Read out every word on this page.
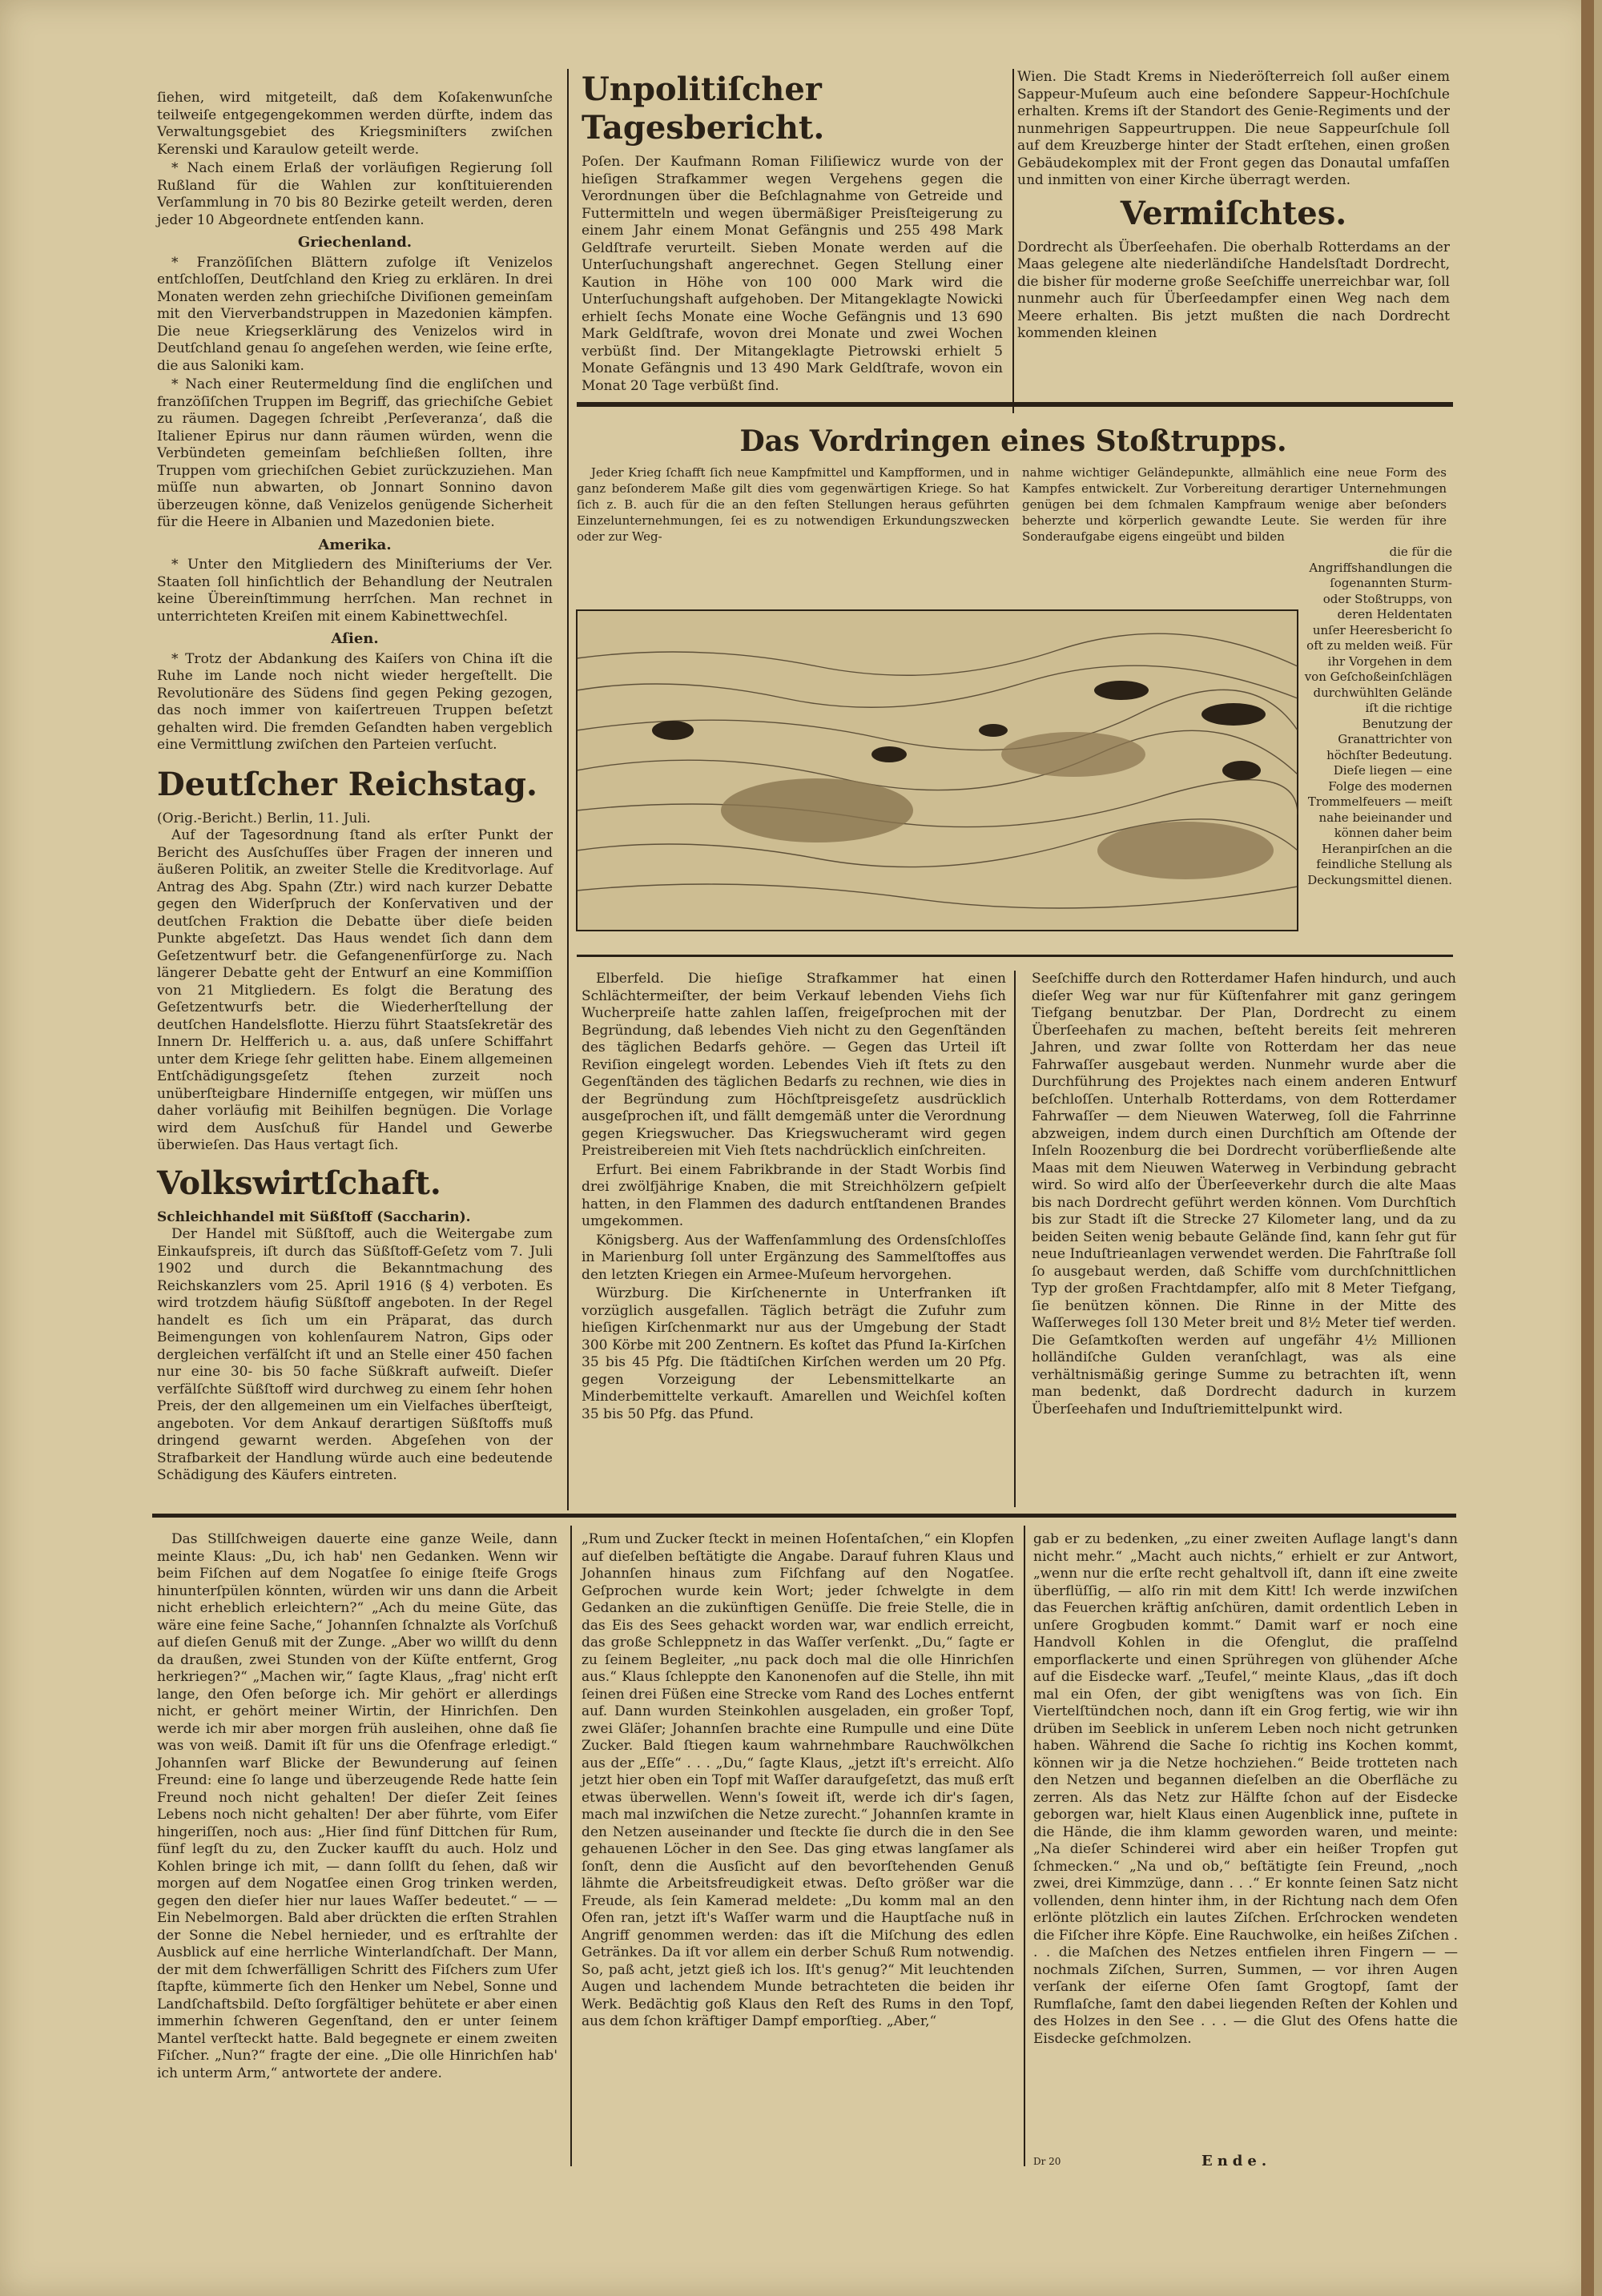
ſiehen, wird mitgeteilt, daß dem Koſakenwunſche teilweiſe entgegengekommen werden dürfte, indem das Verwaltungsgebiet des Kriegsminiſters zwiſchen Kerenski und Karaulow geteilt werde.

* Nach einem Erlaß der vorläufigen Regierung ſoll Rußland für die Wahlen zur konſtituierenden Verſammlung in 70 bis 80 Bezirke geteilt werden, deren jeder 10 Abgeordnete entſenden kann.

Griechenland.

* Franzöſiſchen Blättern zufolge iſt Venizelos entſchloſſen, Deutſchland den Krieg zu erklären. In drei Monaten werden zehn griechiſche Diviſionen gemeinſam mit den Vierverbandstruppen in Mazedonien kämpfen. Die neue Kriegserklärung des Venizelos wird in Deutſchland genau ſo angeſehen werden, wie ſeine erſte, die aus Saloniki kam.

* Nach einer Reutermeldung ſind die engliſchen und franzöſiſchen Truppen im Begriff, das griechiſche Gebiet zu räumen. Dagegen ſchreibt ‚Perſeveranza‘, daß die Italiener Epirus nur dann räumen würden, wenn die Verbündeten gemeinſam beſchließen ſollten, ihre Truppen vom griechiſchen Gebiet zurückzuziehen. Man müſſe nun abwarten, ob Jonnart Sonnino davon überzeugen könne, daß Venizelos genügende Sicherheit für die Heere in Albanien und Mazedonien biete.

Amerika.

* Unter den Mitgliedern des Miniſteriums der Ver. Staaten ſoll hinſichtlich der Behandlung der Neutralen keine Übereinſtimmung herrſchen. Man rechnet in unterrichteten Kreiſen mit einem Kabinettwechſel.

Aſien.

* Trotz der Abdankung des Kaiſers von China iſt die Ruhe im Lande noch nicht wieder hergeſtellt. Die Revolutionäre des Südens ſind gegen Peking gezogen, das noch immer von kaiſertreuen Truppen beſetzt gehalten wird. Die fremden Geſandten haben vergeblich eine Vermittlung zwiſchen den Parteien verſucht.

Deutſcher Reichstag.
(Orig.-Bericht.) Berlin, 11. Juli.

Auf der Tagesordnung ſtand als erſter Punkt der Bericht des Ausſchuſſes über Fragen der inneren und äußeren Politik, an zweiter Stelle die Kreditvorlage. Auf Antrag des Abg. Spahn (Ztr.) wird nach kurzer Debatte gegen den Widerſpruch der Konſervativen und der deutſchen Fraktion die Debatte über dieſe beiden Punkte abgeſetzt. Das Haus wendet ſich dann dem Geſetzentwurf betr. die Gefangenenfürſorge zu. Nach längerer Debatte geht der Entwurf an eine Kommiſſion von 21 Mitgliedern. Es folgt die Beratung des Geſetzentwurfs betr. die Wiederherſtellung der deutſchen Handelsflotte. Hierzu führt Staatsſekretär des Innern Dr. Helfferich u. a. aus, daß unſere Schiffahrt unter dem Kriege ſehr gelitten habe. Einem allgemeinen Entſchädigungsgeſetz ſtehen zurzeit noch unüberſteigbare Hinderniſſe entgegen, wir müſſen uns daher vorläufig mit Beihilfen begnügen. Die Vorlage wird dem Ausſchuß für Handel und Gewerbe überwieſen. Das Haus vertagt ſich.

Volkswirtſchaft.
Schleichhandel mit Süßſtoff (Saccharin).

Der Handel mit Süßſtoff, auch die Weitergabe zum Einkaufspreis, iſt durch das Süßſtoff-Geſetz vom 7. Juli 1902 und durch die Bekanntmachung des Reichskanzlers vom 25. April 1916 (§ 4) verboten. Es wird trotzdem häufig Süßſtoff angeboten. In der Regel handelt es ſich um ein Präparat, das durch Beimengungen von kohlenſaurem Natron, Gips oder dergleichen verfälſcht iſt und an Stelle einer 450 fachen nur eine 30- bis 50 fache Süßkraft aufweiſt. Dieſer verfälſchte Süßſtoff wird durchweg zu einem ſehr hohen Preis, der den allgemeinen um ein Vielfaches überſteigt, angeboten. Vor dem Ankauf derartigen Süßſtoffs muß dringend gewarnt werden. Abgeſehen von der Strafbarkeit der Handlung würde auch eine bedeutende Schädigung des Käufers eintreten.

Unpolitiſcher Tagesbericht.

Poſen. Der Kaufmann Roman Filiſiewicz wurde von der hieſigen Strafkammer wegen Vergehens gegen die Verordnungen über die Beſchlagnahme von Getreide und Futtermitteln und wegen übermäßiger Preisſteigerung zu einem Jahr einem Monat Gefängnis und 255 498 Mark Geldſtrafe verurteilt. Sieben Monate werden auf die Unterſuchungshaft angerechnet. Gegen Stellung einer Kaution in Höhe von 100 000 Mark wird die Unterſuchungshaft aufgehoben. Der Mitangeklagte Nowicki erhielt ſechs Monate eine Woche Gefängnis und 13 690 Mark Geldſtrafe, wovon drei Monate und zwei Wochen verbüßt ſind. Der Mitangeklagte Pietrowski erhielt 5 Monate Gefängnis und 13 490 Mark Geldſtrafe, wovon ein Monat 20 Tage verbüßt ſind.

Wien. Die Stadt Krems in Niederöſterreich ſoll außer einem Sappeur-Muſeum auch eine beſondere Sappeur-Hochſchule erhalten. Krems iſt der Standort des Genie-Regiments und der nunmehrigen Sappeurtruppen. Die neue Sappeurſchule ſoll auf dem Kreuzberge hinter der Stadt erſtehen, einen großen Gebäudekomplex mit der Front gegen das Donautal umfaſſen und inmitten von einer Kirche überragt werden.

Vermiſchtes.

Dordrecht als Überſeehafen. Die oberhalb Rotterdams an der Maas gelegene alte niederländiſche Handelsſtadt Dordrecht, die bisher für moderne große Seeſchiffe unerreichbar war, ſoll nunmehr auch für Überſeedampfer einen Weg nach dem Meere erhalten. Bis jetzt mußten die nach Dordrecht kommenden kleinen

Das Vordringen eines Stoßtrupps.

Jeder Krieg ſchafft ſich neue Kampfmittel und Kampfformen, und in ganz beſonderem Maße gilt dies vom gegenwärtigen Kriege. So hat ſich z. B. auch für die an den feſten Stellungen heraus geführten Einzelunternehmungen, ſei es zu notwendigen Erkundungszwecken oder zur Weg-

nahme wichtiger Geländepunkte, allmählich eine neue Form des Kampfes entwickelt. Zur Vorbereitung derartiger Unternehmungen genügen bei dem ſchmalen Kampfraum wenige aber beſonders beherzte und körperlich gewandte Leute. Sie werden für ihre Sonderaufgabe eigens eingeübt und bilden

die für die Angriffshandlungen die ſogenannten Sturm- oder Stoßtrupps, von deren Heldentaten unſer Heeresbericht ſo oft zu melden weiß. Für ihr Vorgehen in dem von Geſchoßeinſchlägen durchwühlten Gelände iſt die richtige Benutzung der Granattrichter von höchſter Bedeutung. Dieſe liegen — eine Folge des modernen Trommelfeuers — meiſt nahe beieinander und können daher beim Heranpirſchen an die feindliche Stellung als Deckungsmittel dienen.

Elberfeld. Die hieſige Strafkammer hat einen Schlächtermeiſter, der beim Verkauf lebenden Viehs ſich Wucherpreiſe hatte zahlen laſſen, freigeſprochen mit der Begründung, daß lebendes Vieh nicht zu den Gegenſtänden des täglichen Bedarfs gehöre. — Gegen das Urteil iſt Reviſion eingelegt worden. Lebendes Vieh iſt ſtets zu den Gegenſtänden des täglichen Bedarfs zu rechnen, wie dies in der Begründung zum Höchſtpreisgeſetz ausdrücklich ausgeſprochen iſt, und fällt demgemäß unter die Verordnung gegen Kriegswucher. Das Kriegswucheramt wird gegen Preistreibereien mit Vieh ſtets nachdrücklich einſchreiten.

Erfurt. Bei einem Fabrikbrande in der Stadt Worbis ſind drei zwölfjährige Knaben, die mit Streichhölzern geſpielt hatten, in den Flammen des dadurch entſtandenen Brandes umgekommen.

Königsberg. Aus der Waffenſammlung des Ordensſchloſſes in Marienburg ſoll unter Ergänzung des Sammelſtoffes aus den letzten Kriegen ein Armee-Muſeum hervorgehen.

Würzburg. Die Kirſchenernte in Unterfranken iſt vorzüglich ausgefallen. Täglich beträgt die Zufuhr zum hieſigen Kirſchenmarkt nur aus der Umgebung der Stadt 300 Körbe mit 200 Zentnern. Es koſtet das Pfund Ia-Kirſchen 35 bis 45 Pfg. Die ſtädtiſchen Kirſchen werden um 20 Pfg. gegen Vorzeigung der Lebensmittelkarte an Minderbemittelte verkauft. Amarellen und Weichſel koſten 35 bis 50 Pfg. das Pfund.

Seeſchiffe durch den Rotterdamer Hafen hindurch, und auch dieſer Weg war nur für Küſtenfahrer mit ganz geringem Tiefgang benutzbar. Der Plan, Dordrecht zu einem Überſeehafen zu machen, beſteht bereits ſeit mehreren Jahren, und zwar ſollte von Rotterdam her das neue Fahrwaſſer ausgebaut werden. Nunmehr wurde aber die Durchführung des Projektes nach einem anderen Entwurf beſchloſſen. Unterhalb Rotterdams, von dem Rotterdamer Fahrwaſſer — dem Nieuwen Waterweg, ſoll die Fahrrinne abzweigen, indem durch einen Durchſtich am Oſtende der Inſeln Roozenburg die bei Dordrecht vorüberfließende alte Maas mit dem Nieuwen Waterweg in Verbindung gebracht wird. So wird alſo der Überſeeverkehr durch die alte Maas bis nach Dordrecht geführt werden können. Vom Durchſtich bis zur Stadt iſt die Strecke 27 Kilometer lang, und da zu beiden Seiten wenig bebaute Gelände ſind, kann ſehr gut für neue Induſtrieanlagen verwendet werden. Die Fahrſtraße ſoll ſo ausgebaut werden, daß Schiffe vom durchſchnittlichen Typ der großen Frachtdampfer, alſo mit 8 Meter Tiefgang, ſie benützen können. Die Rinne in der Mitte des Waſſerweges ſoll 130 Meter breit und 8½ Meter tief werden. Die Geſamtkoſten werden auf ungefähr 4½ Millionen holländiſche Gulden veranſchlagt, was als eine verhältnismäßig geringe Summe zu betrachten iſt, wenn man bedenkt, daß Dordrecht dadurch in kurzem Überſeehafen und Induſtriemittelpunkt wird.

Das Stillſchweigen dauerte eine ganze Weile, dann meinte Klaus: „Du, ich hab' nen Gedanken. Wenn wir beim Fiſchen auf dem Nogatſee ſo einige ſteife Grogs hinunterſpülen könnten, würden wir uns dann die Arbeit nicht erheblich erleichtern?“ „Ach du meine Güte, das wäre eine feine Sache,“ Johannſen ſchnalzte als Vorſchuß auf dieſen Genuß mit der Zunge. „Aber wo willſt du denn da draußen, zwei Stunden von der Küſte entfernt, Grog herkriegen?“ „Machen wir,“ ſagte Klaus, „frag' nicht erſt lange, den Ofen beſorge ich. Mir gehört er allerdings nicht, er gehört meiner Wirtin, der Hinrichſen. Den werde ich mir aber morgen früh ausleihen, ohne daß ſie was von weiß. Damit iſt für uns die Ofenfrage erledigt.“ Johannſen warf Blicke der Bewunderung auf ſeinen Freund: eine ſo lange und überzeugende Rede hatte ſein Freund noch nicht gehalten! Der dieſer Zeit ſeines Lebens noch nicht gehalten! Der aber führte, vom Eifer hingeriſſen, noch aus: „Hier ſind fünf Dittchen für Rum, fünf legſt du zu, den Zucker kaufſt du auch. Holz und Kohlen bringe ich mit, — dann ſollſt du ſehen, daß wir morgen auf dem Nogatſee einen Grog trinken werden, gegen den dieſer hier nur laues Waſſer bedeutet.“ — — Ein Nebelmorgen. Bald aber drückten die erſten Strahlen der Sonne die Nebel hernieder, und es erſtrahlte der Ausblick auf eine herrliche Winterlandſchaft. Der Mann, der mit dem ſchwerfälligen Schritt des Fiſchers zum Ufer ſtapfte, kümmerte ſich den Henker um Nebel, Sonne und Landſchaftsbild. Deſto ſorgfältiger behütete er aber einen immerhin ſchweren Gegenſtand, den er unter ſeinem Mantel verſteckt hatte. Bald begegnete er einem zweiten Fiſcher. „Nun?“ fragte der eine. „Die olle Hinrichſen hab' ich unterm Arm,“ antwortete der andere.

„Rum und Zucker ſteckt in meinen Hoſentaſchen,“ ein Klopfen auf dieſelben beſtätigte die Angabe. Darauf fuhren Klaus und Johannſen hinaus zum Fiſchfang auf den Nogatſee. Geſprochen wurde kein Wort; jeder ſchwelgte in dem Gedanken an die zukünftigen Genüſſe. Die freie Stelle, die in das Eis des Sees gehackt worden war, war endlich erreicht, das große Schleppnetz in das Waſſer verſenkt. „Du,“ ſagte er zu ſeinem Begleiter, „nu pack doch mal die olle Hinrichſen aus.“ Klaus ſchleppte den Kanonenofen auf die Stelle, ihn mit ſeinen drei Füßen eine Strecke vom Rand des Loches entfernt auf. Dann wurden Steinkohlen ausgeladen, ein großer Topf, zwei Gläſer; Johannſen brachte eine Rumpulle und eine Düte Zucker. Bald ſtiegen kaum wahrnehmbare Rauchwölkchen aus der „Eſſe“ . . . „Du,“ ſagte Klaus, „jetzt iſt's erreicht. Alſo jetzt hier oben ein Topf mit Waſſer daraufgeſetzt, das muß erſt etwas überwellen. Wenn's ſoweit iſt, werde ich dir's ſagen, mach mal inzwiſchen die Netze zurecht.“ Johannſen kramte in den Netzen auseinander und ſteckte ſie durch die in den See gehauenen Löcher in den See. Das ging etwas langſamer als ſonſt, denn die Ausſicht auf den bevorſtehenden Genuß lähmte die Arbeitsfreudigkeit etwas. Deſto größer war die Freude, als ſein Kamerad meldete: „Du komm mal an den Ofen ran, jetzt iſt's Waſſer warm und die Hauptſache nuß in Angriff genommen werden: das iſt die Miſchung des edlen Getränkes. Da iſt vor allem ein derber Schuß Rum notwendig. So, paß acht, jetzt gieß ich los. Iſt's genug?“ Mit leuchtenden Augen und lachendem Munde betrachteten die beiden ihr Werk. Bedächtig goß Klaus den Reſt des Rums in den Topf, aus dem ſchon kräftiger Dampf emporſtieg. „Aber,“

gab er zu bedenken, „zu einer zweiten Auflage langt's dann nicht mehr.“ „Macht auch nichts,“ erhielt er zur Antwort, „wenn nur die erſte recht gehaltvoll iſt, dann iſt eine zweite überflüſſig, — alſo rin mit dem Kitt! Ich werde inzwiſchen das Feuerchen kräftig anſchüren, damit ordentlich Leben in unſere Grogbuden kommt.“ Damit warf er noch eine Handvoll Kohlen in die Ofenglut, die praſſelnd emporflackerte und einen Sprühregen von glühender Aſche auf die Eisdecke warf. „Teufel,“ meinte Klaus, „das iſt doch mal ein Ofen, der gibt wenigſtens was von ſich. Ein Viertelſtündchen noch, dann iſt ein Grog fertig, wie wir ihn drüben im Seeblick in unſerem Leben noch nicht getrunken haben. Während die Sache ſo richtig ins Kochen kommt, können wir ja die Netze hochziehen.“ Beide trotteten nach den Netzen und begannen dieſelben an die Oberfläche zu zerren. Als das Netz zur Hälfte ſchon auf der Eisdecke geborgen war, hielt Klaus einen Augenblick inne, puſtete in die Hände, die ihm klamm geworden waren, und meinte: „Na dieſer Schinderei wird aber ein heißer Tropfen gut ſchmecken.“ „Na und ob,“ beſtätigte ſein Freund, „noch zwei, drei Kimmzüge, dann . . .“ Er konnte ſeinen Satz nicht vollenden, denn hinter ihm, in der Richtung nach dem Ofen erlönte plötzlich ein lautes Ziſchen. Erſchrocken wendeten die Fiſcher ihre Köpfe. Eine Rauchwolke, ein heißes Ziſchen . . . die Maſchen des Netzes entfielen ihren Fingern — — nochmals Ziſchen, Surren, Summen, — vor ihren Augen verſank der eiſerne Ofen ſamt Grogtopf, ſamt der Rumflaſche, ſamt den dabei liegenden Reſten der Kohlen und des Holzes in den See . . . — die Glut des Ofens hatte die Eisdecke geſchmolzen.

Ende.
Dr 20
